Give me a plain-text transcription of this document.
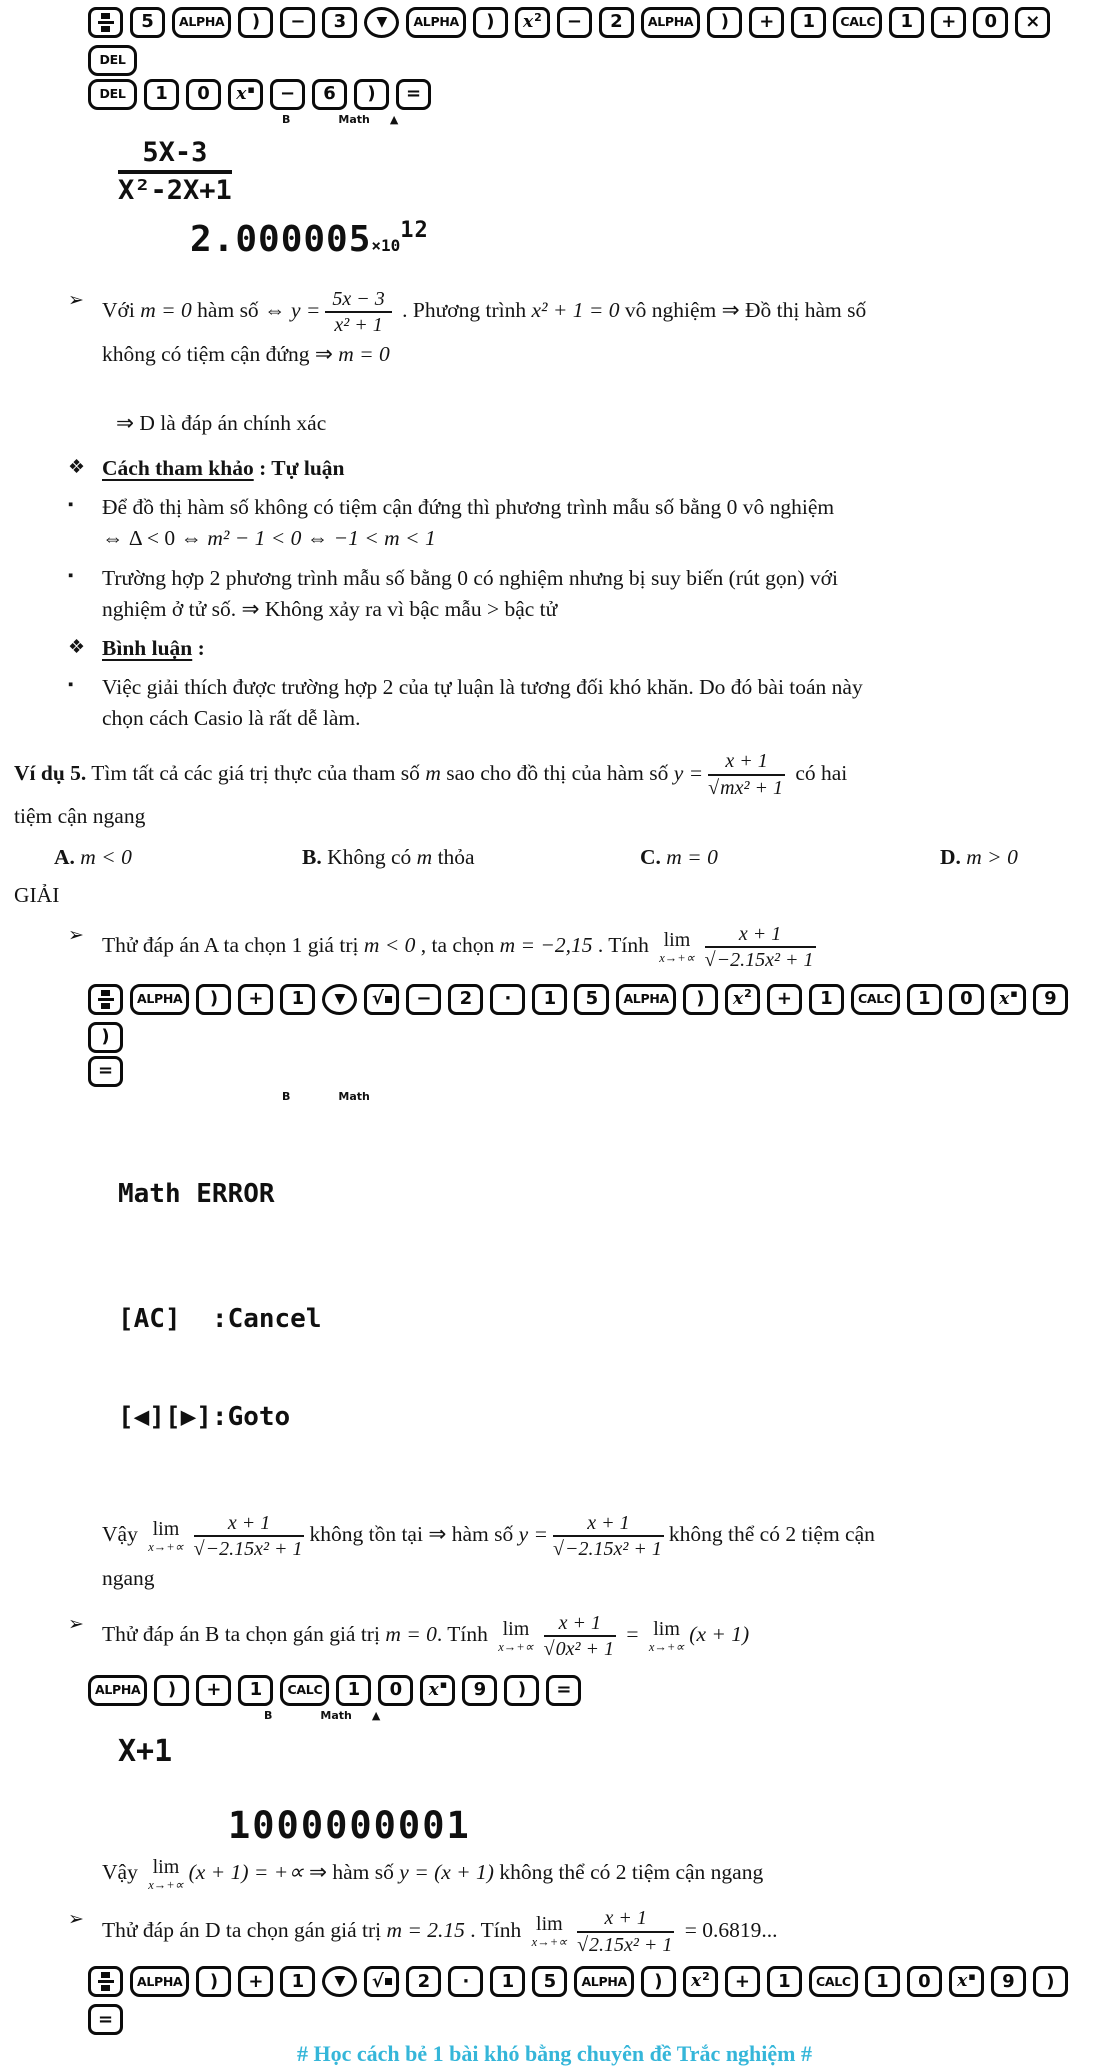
5	ALPHA	)	−	3	▼	ALPHA	)	x 2	−	2	ALPHA	)	+	1	CALC	1	+	0	×
DEL
DEL	1	0	x ▪	−	6	)	=
B	Math ▲
$\frac{5X-3}{\text{X²-2X+1}}$
$2.000005\times 10^{12}$
➢ Với m = 0 hàm số ⇔ $y = \frac{5x - 3}{\text{x² + 1}}$ . Phương trình x² + 1 = 0 vô nghiệm ⇒ Đồ thị hàm số
không có tiệm cận đứng ⇒ m = 0
⇒ D là đáp án chính xác
❖ Cách tham khảo : Tự luận
▪ Để đồ thị hàm số không có tiệm cận đứng thì phương trình mẫu số bằng 0 vô nghiệm
⇔ Δ < 0 ⇔ m² − 1 < 0 ⇔ −1 < m < 1
▪ Trường hợp 2 phương trình mẫu số bằng 0 có nghiệm nhưng bị suy biến (rút gọn) với
nghiệm ở tử số. ⇒ Không xảy ra vì bậc mẫu > bậc tử
❖ Bình luận :
▪ Việc giải thích được trường hợp 2 của tự luận là tương đối khó khăn. Do đó bài toán này
chọn cách Casio là rất dễ làm.
Ví dụ 5. Tìm tất cả các giá trị thực của tham số m sao cho đồ thị của hàm số $y = \frac{x + 1}{\text{√mx² + 1}}$ có hai
tiệm cận ngang
A. m < 0	B. Không có m thỏa	C. m = 0	D. m > 0
GIẢI
➢ Thử đáp án A ta chọn 1 giá trị m < 0 , ta chọn m = −2,15 . Tính lim
$x\to+\propto \frac{x + 1}{\text{√−2.15x² + 1}}$
ALPHA	)	+	1	▼	√	−	2	·	1	5	ALPHA	)	x 2	+	1	CALC	1	0	x ▪	9
)
=
B	Math

Math ERROR

[AC]  :Cancel

[◀][▶]:Goto

Vậy lim
$x\to+\propto \frac{x + 1}{\text{√−2.15x² + 1}}$ không tồn tại ⇒ hàm số $y = \frac{x + 1}{\text{√−2.15x² + 1}}$ không thể có 2 tiệm cận
ngang
➢ Thử đáp án B ta chọn gán giá trị m = 0. Tính lim
$x\to+\propto \frac{x + 1}{\text{√0x² + 1}} = \lim$
x→+∝
(x + 1)
ALPHA	)	+	1	CALC	1	0	x ▪	9	)	=
B	Math ▲
X+1
1000000001
Vậy lim
x→+∝
(x + 1) = +∝ ⇒ hàm số y = (x + 1) không thể có 2 tiệm cận ngang
➢ Thử đáp án D ta chọn gán giá trị m = 2.15 . Tính lim
$x\to+\propto \frac{x + 1}{\text{√2.15x² + 1}} = 0.6819$...
ALPHA	)	+	1	▼	√	2	·	1	5	ALPHA	)	x 2	+	1	CALC	1	0	x ▪	9	)
=
# Học cách bẻ 1 bài khó bằng chuyên đề Trắc nghiệm #
